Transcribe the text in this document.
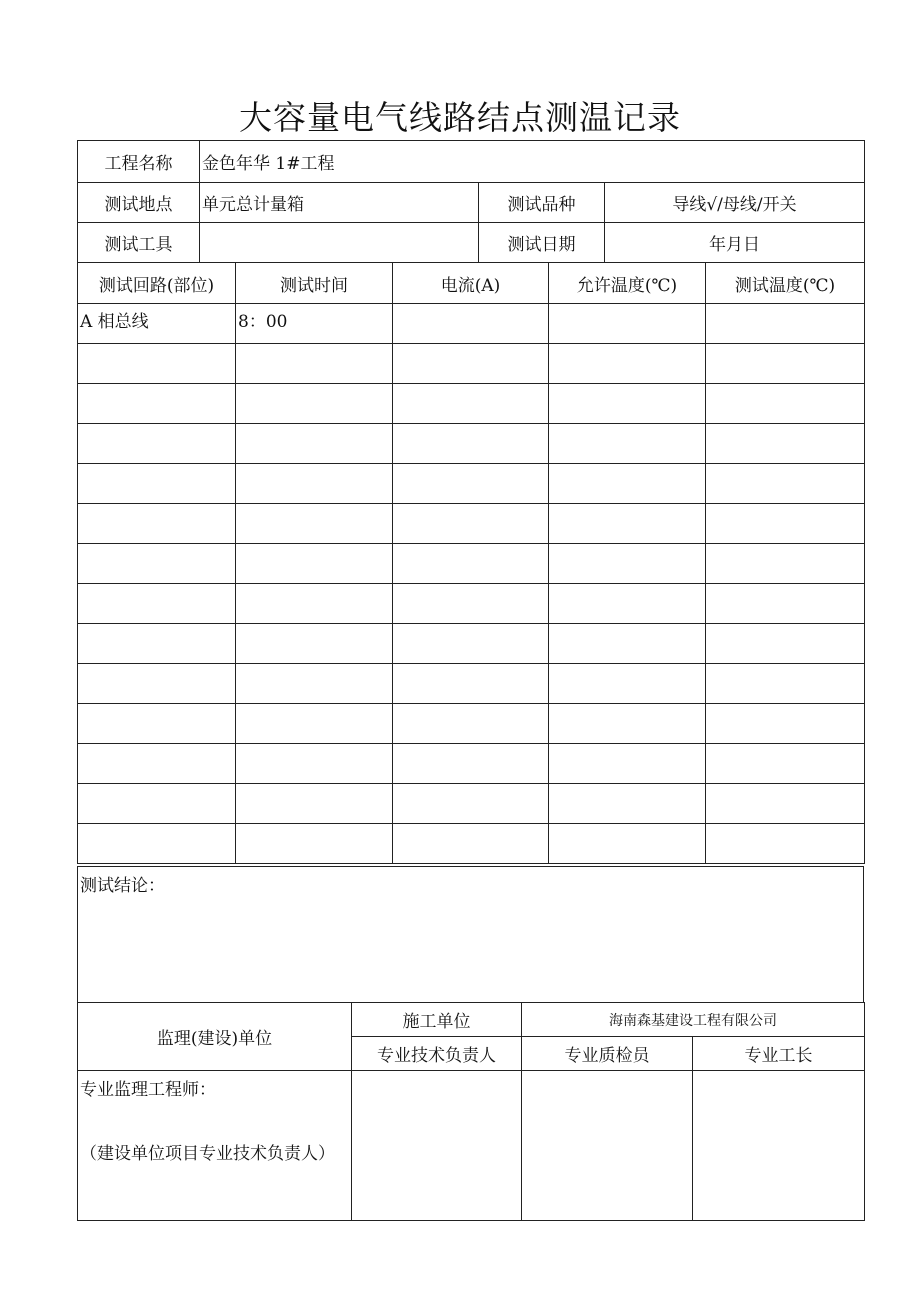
大容量电气线路结点测温记录
工程名称	金色年华 1#工程		
测试地点	单元总计量箱	测试品种	导线√/母线/开关
测试工具		测试日期	年月日
测试回路(部位)	测试时间	电流(A)	允许温度(℃)	测试温度(℃)
A 相总线	8：00			

测试结论：
监理(建设)单位	施工单位	海南森基建设工程有限公司	
	专业技术负责人	专业质检员	专业工长

专业监理工程师：
（建设单位项目专业技术负责人）			
